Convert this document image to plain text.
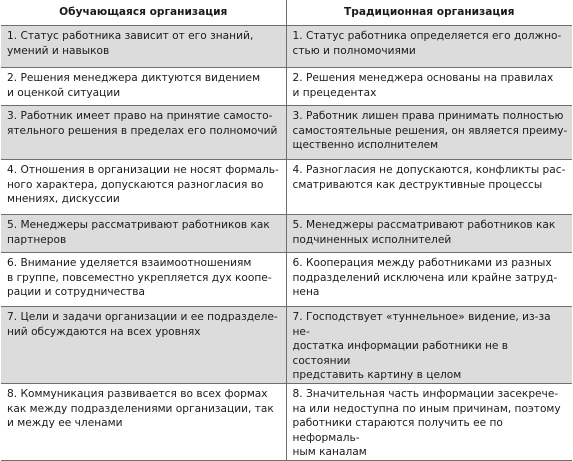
Обучающаяся организация	Традиционная организация

1. Статус работника зависит от его знаний,
умений и навыков	1. Статус работника определяется его должно-
стью и полномочиями

2. Решения менеджера диктуются видением
и оценкой ситуации	2. Решения менеджера основаны на правилах
и прецедентах

3. Работник имеет право на принятие самосто-
ятельного решения в пределах его полномочий	3. Работник лишен права принимать полностью
самостоятельные решения, он является преиму-
щественно исполнителем

4. Отношения в организации не носят формаль-
ного характера, допускаются разногласия во
мнениях, дискуссии	4. Разногласия не допускаются, конфликты рас-
сматриваются как деструктивные процессы

5. Менеджеры рассматривают работников как
партнеров	5. Менеджеры рассматривают работников как
подчиненных исполнителей

6. Внимание уделяется взаимоотношениям
в группе, повсеместно укрепляется дух коопе-
рации и сотрудничества	6. Кооперация между работниками из разных
подразделений исключена или крайне затруд-
нена

7. Цели и задачи организации и ее подразделе-
ний обсуждаются на всех уровнях	7. Господствует «туннельное» видение, из-за не-
достатка информации работники не в состоянии
представить картину в целом

8. Коммуникация развивается во всех формах
как между подразделениями организации, так
и между ее членами	8. Значительная часть информации засекрече-
на или недоступна по иным причинам, поэтому
работники стараются получить ее по неформаль-
ным каналам
